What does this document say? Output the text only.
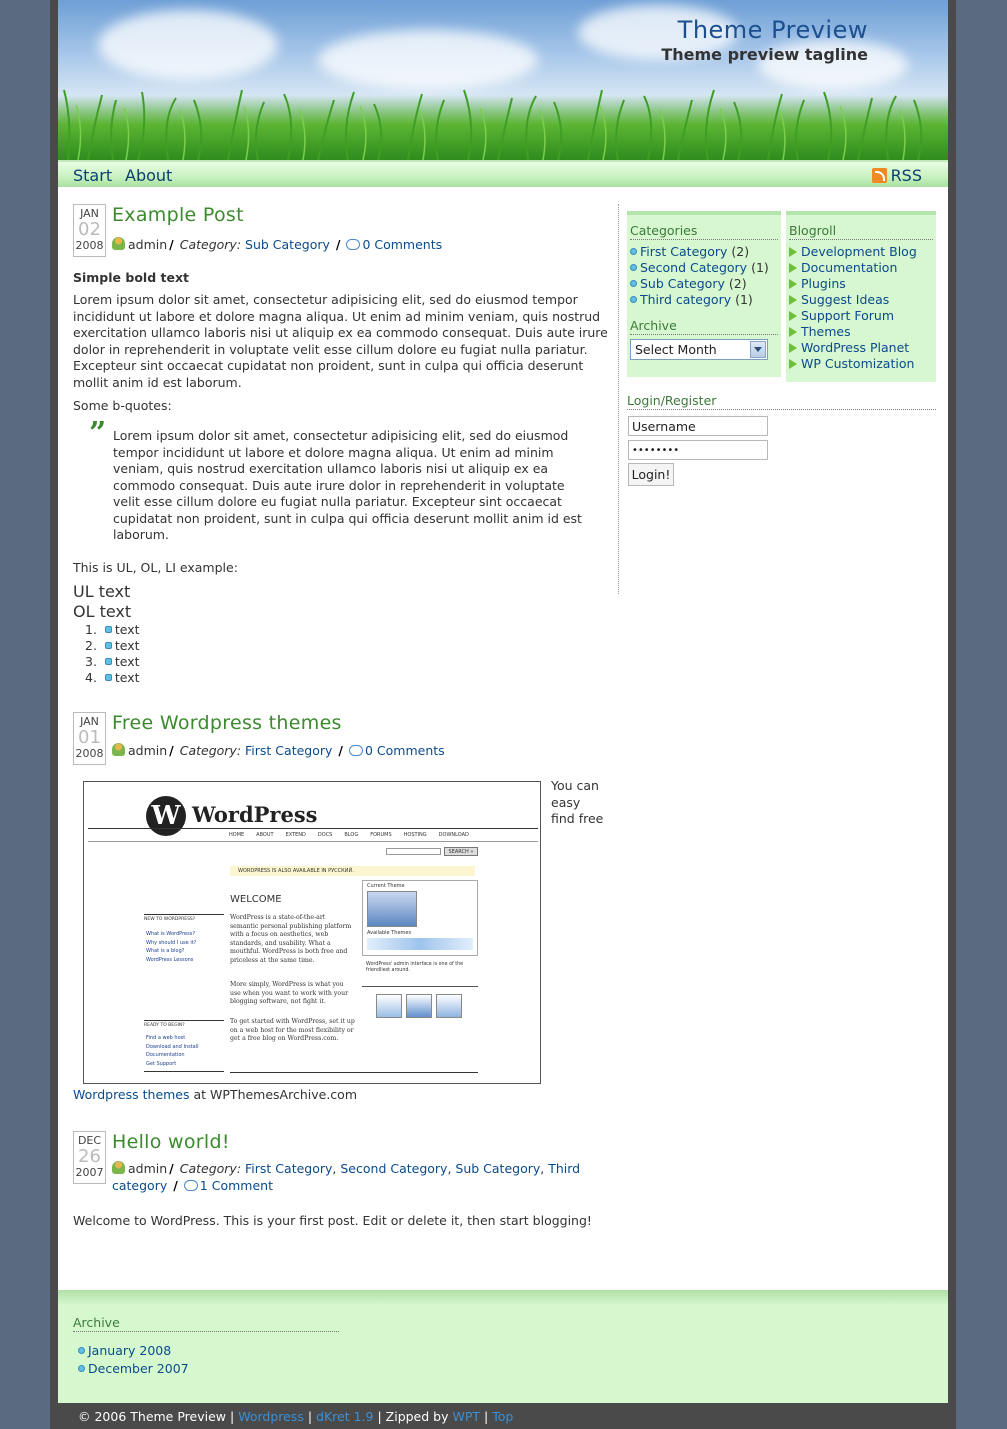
Theme Preview
Theme preview tagline
Start About	RSS
JAN
02
2008
Example Post
admin / Category: Sub Category / 0 Comments
Simple bold text
Lorem ipsum dolor sit amet, consectetur adipisicing elit, sed do eiusmod tempor incididunt ut labore et dolore magna aliqua. Ut enim ad minim veniam, quis nostrud exercitation ullamco laboris nisi ut aliquip ex ea commodo consequat. Duis aute irure dolor in reprehenderit in voluptate velit esse cillum dolore eu fugiat nulla pariatur. Excepteur sint occaecat cupidatat non proident, sunt in culpa qui officia deserunt mollit anim id est laborum.
Some b-quotes:
” Lorem ipsum dolor sit amet, consectetur adipisicing elit, sed do eiusmod tempor incididunt ut labore et dolore magna aliqua. Ut enim ad minim veniam, quis nostrud exercitation ullamco laboris nisi ut aliquip ex ea commodo consequat. Duis aute irure dolor in reprehenderit in voluptate velit esse cillum dolore eu fugiat nulla pariatur. Excepteur sint occaecat cupidatat non proident, sunt in culpa qui officia deserunt mollit anim id est laborum.
This is UL, OL, LI example:
UL text
OL text
1.  text
2.  text
3.  text
4.  text
JAN
01
2008
Free Wordpress themes
admin / Category: First Category / 0 Comments
You can easy find free
Wordpress themes at WPThemesArchive.com
W WordPress
HOME ABOUT EXTEND DOCS BLOG FORUMS HOSTING DOWNLOAD
SEARCH »
WORDPRESS IS ALSO AVAILABLE IN РУССКИЙ.
WELCOME
WordPress is a state-of-the-art semantic personal publishing platform with a focus on aesthetics, web standards, and usability. What a mouthful. WordPress is both free and priceless at the same time.
More simply, WordPress is what you use when you want to work with your blogging software, not fight it.
To get started with WordPress, set it up on a web host for the most flexibility or get a free blog on WordPress.com.
NEW TO WORDPRESS?
What is WordPress?
Why should I use it?
What is a blog?
WordPress Lessons
READY TO BEGIN?
Find a web host
Download and Install
Documentation
Get Support
Current Theme
Available Themes
WordPress' admin interface is one of the friendliest around.
DEC
26
2007
Hello world!
admin / Category: First Category, Second Category, Sub Category, Third category / 1 Comment
Welcome to WordPress. This is your first post. Edit or delete it, then start blogging!
Categories
First Category (2)
Second Category (1)
Sub Category (2)
Third category (1)
Archive
Select Month
Blogroll
Development Blog
Documentation
Plugins
Suggest Ideas
Support Forum
Themes
WordPress Planet
WP Customization
Login/Register
Username
••••••••
Login!
Archive
January 2008
December 2007
© 2006 Theme Preview | Wordpress | dKret 1.9 | Zipped by WPT | Top
